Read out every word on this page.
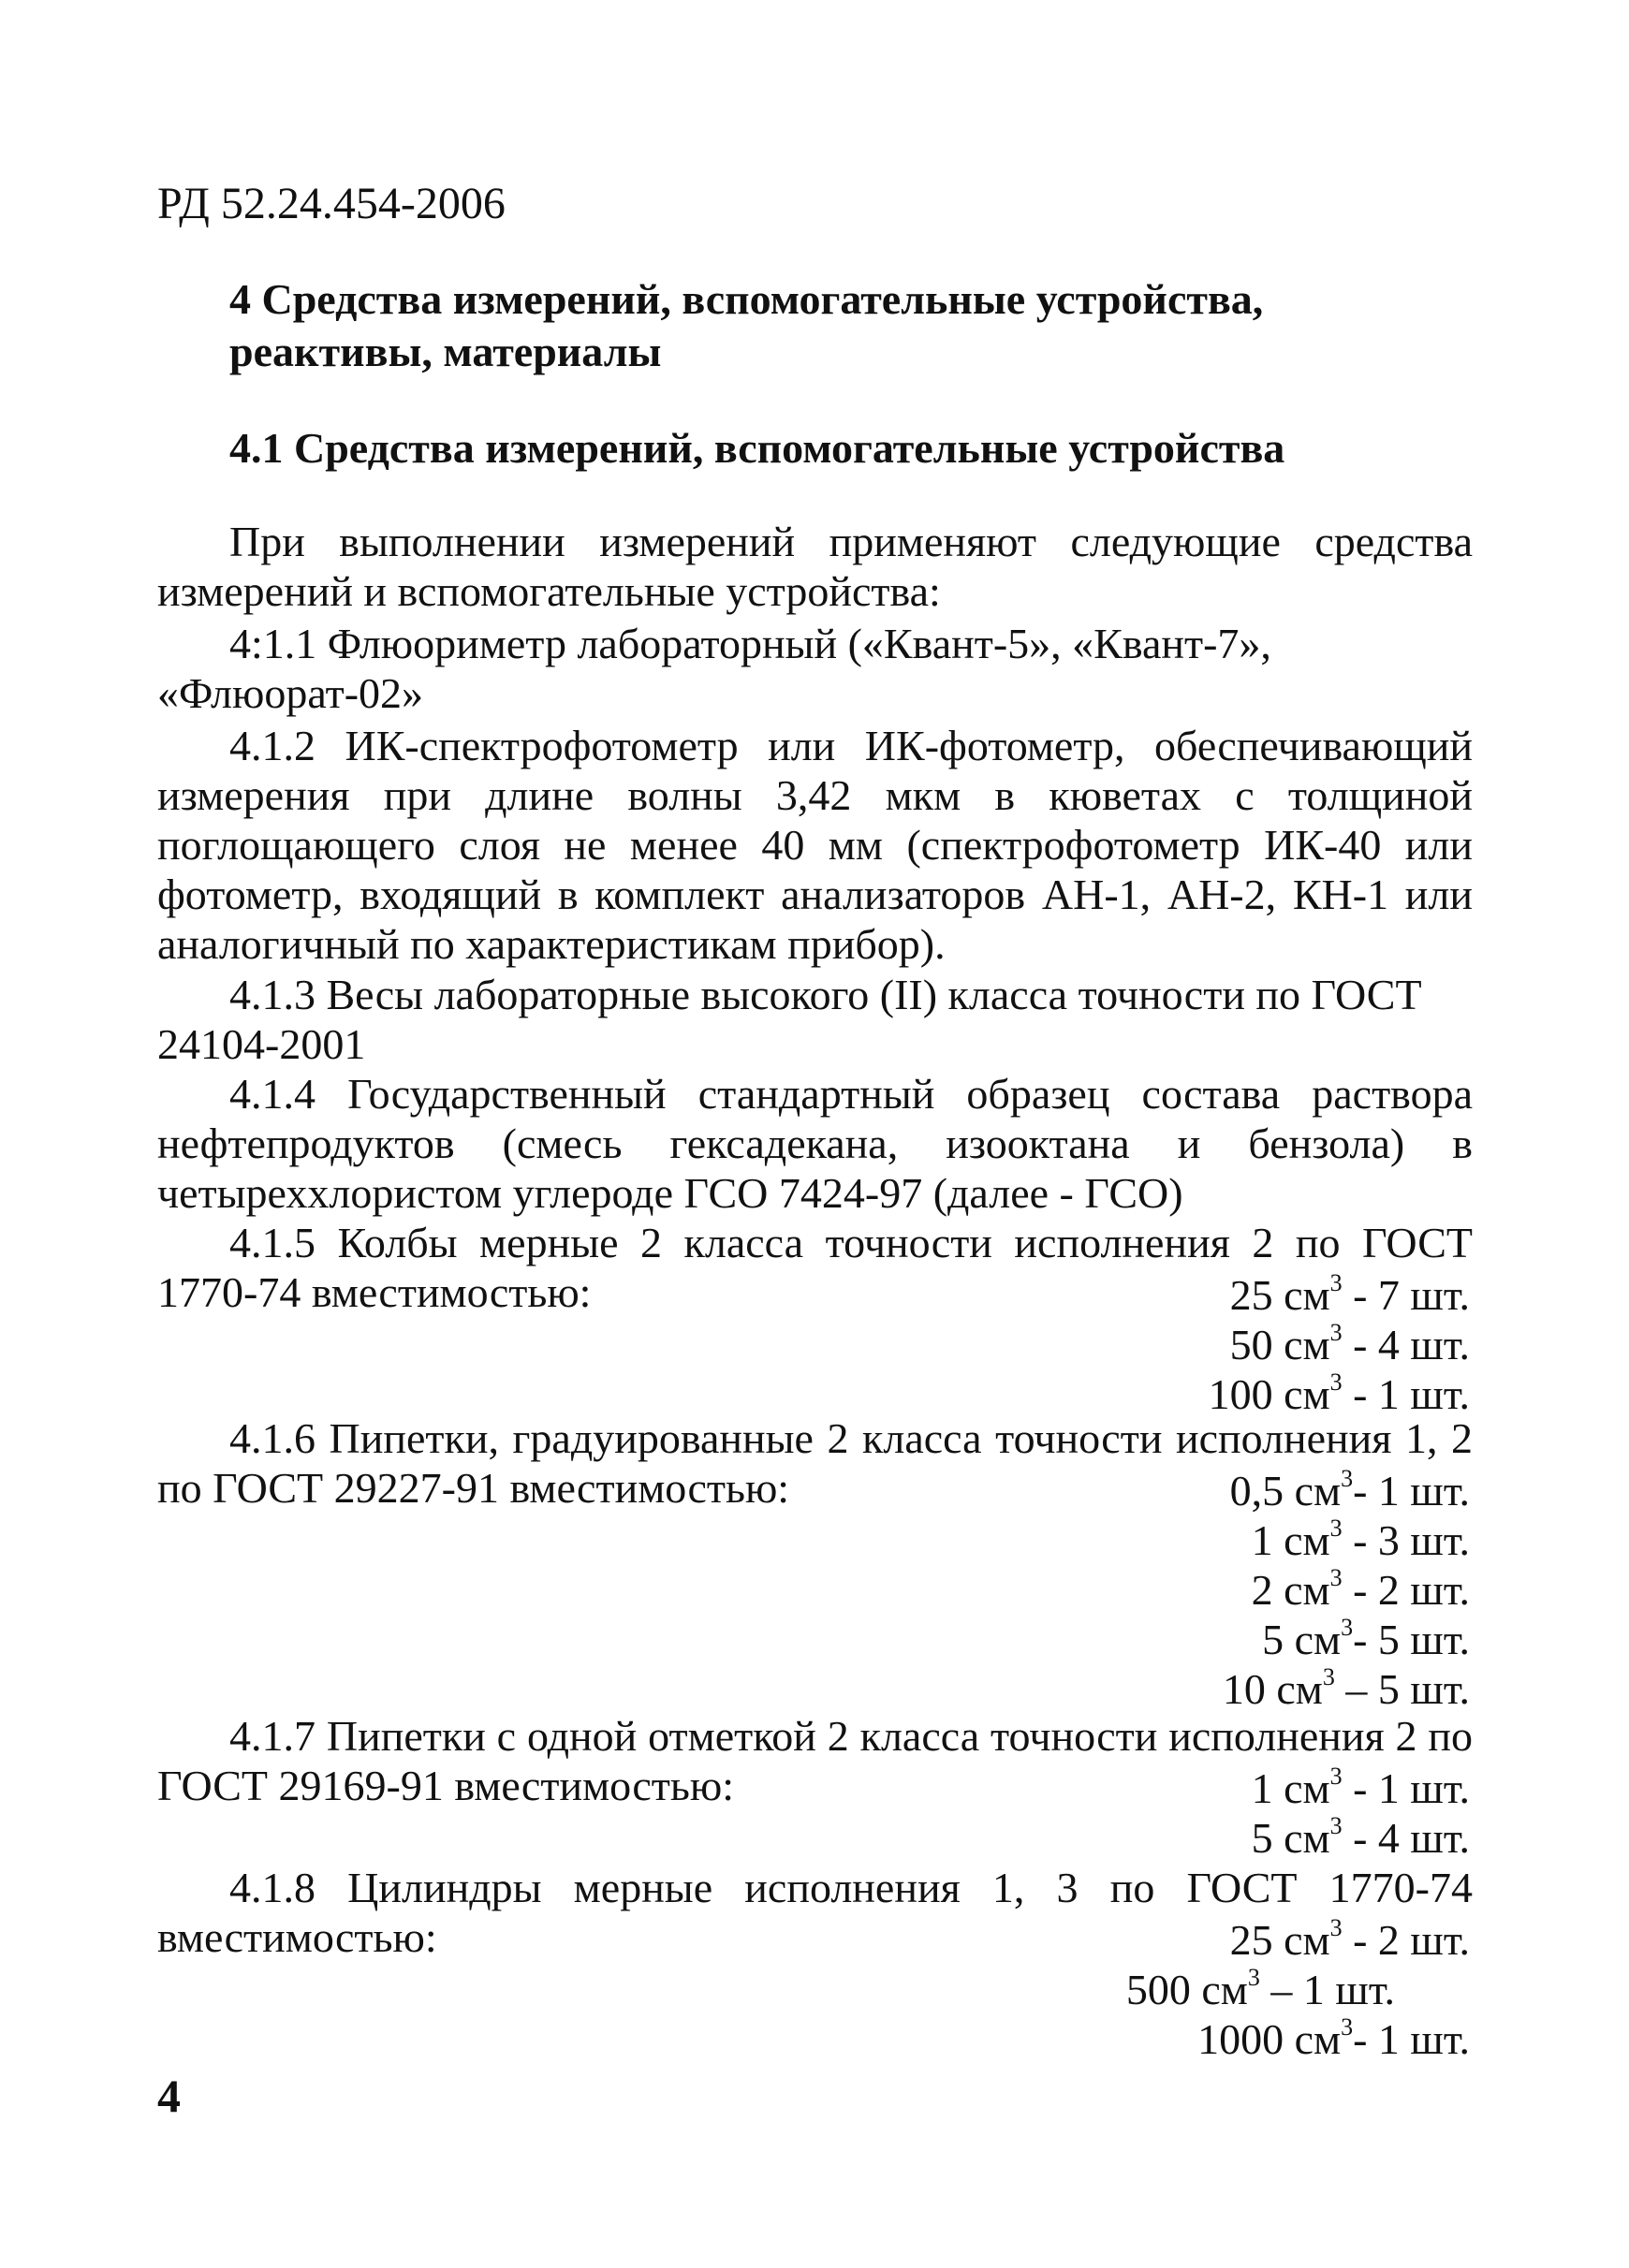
РД 52.24.454-2006
4 Средства измерений, вспомогательные устройства, реактивы, материалы
4.1 Средства измерений, вспомогательные устройства
При выполнении измерений применяют следующие средства измерений и вспомогательные устройства:
4:1.1 Флюориметр лабораторный («Квант-5», «Квант-7», «Флюорат-02»
4.1.2 ИК-спектрофотометр или ИК-фотометр, обеспечивающий измерения при длине волны 3,42 мкм в кюветах с толщиной поглощающего слоя не менее 40 мм (спектрофотометр ИК-40 или фотометр, входящий в комплект анализаторов АН-1, АН-2, КН-1 или аналогичный по характеристикам прибор).
4.1.3 Весы лабораторные высокого (II) класса точности по ГОСТ 24104-2001
4.1.4 Государственный стандартный образец состава раствора нефтепродуктов (смесь гексадекана, изооктана и бензола) в четыреххлористом углероде ГСО 7424-97 (далее - ГСО)
4.1.5 Колбы мерные 2 класса точности исполнения 2 по ГОСТ 1770-74 вместимостью:	25 $см^3 - 7$ шт.
50 $см^3 - 4$ шт.
100 $см^3 - 1$ шт.
4.1.6 Пипетки, градуированные 2 класса точности исполнения 1, 2 по ГОСТ 29227-91 вместимостью:	0,5 $см^3-$ 1 шт.
1 $см^3 - 3$ шт.
2 $см^3 - 2$ шт.
5 $см^3-$ 5 шт.
10 $см^3 - 5$ шт.
4.1.7 Пипетки с одной отметкой 2 класса точности исполнения 2 по ГОСТ 29169-91 вместимостью:	1 $см^3 - 1$ шт.
5 $см^3 - 4$ шт.
4.1.8 Цилиндры мерные исполнения 1, 3 по ГОСТ 1770-74 вместимостью:	25 $см^3 - 2$ шт.
500 $см^3 - 1$ шт.
1000 $см^3-$ 1 шт.
4
